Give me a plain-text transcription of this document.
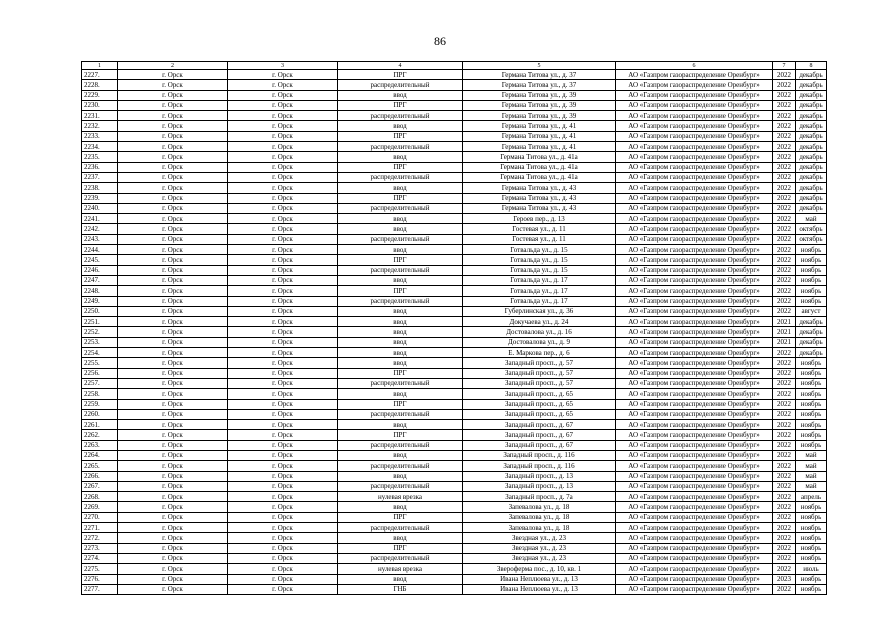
86
1	2	3	4	5	6	7	8
2227.	г. Орск	г. Орск	ПРГ	Германа Титова ул., д. 37	АО «Газпром газораспределение Оренбург»	2022	декабрь
2228.	г. Орск	г. Орск	распределительный	Германа Титова ул., д. 37	АО «Газпром газораспределение Оренбург»	2022	декабрь
2229.	г. Орск	г. Орск	ввод	Германа Титова ул., д. 39	АО «Газпром газораспределение Оренбург»	2022	декабрь
2230.	г. Орск	г. Орск	ПРГ	Германа Титова ул., д. 39	АО «Газпром газораспределение Оренбург»	2022	декабрь
2231.	г. Орск	г. Орск	распределительный	Германа Титова ул., д. 39	АО «Газпром газораспределение Оренбург»	2022	декабрь
2232.	г. Орск	г. Орск	ввод	Германа Титова ул., д. 41	АО «Газпром газораспределение Оренбург»	2022	декабрь
2233.	г. Орск	г. Орск	ПРГ	Германа Титова ул., д. 41	АО «Газпром газораспределение Оренбург»	2022	декабрь
2234.	г. Орск	г. Орск	распределительный	Германа Титова ул., д. 41	АО «Газпром газораспределение Оренбург»	2022	декабрь
2235.	г. Орск	г. Орск	ввод	Германа Титова ул., д. 41а	АО «Газпром газораспределение Оренбург»	2022	декабрь
2236.	г. Орск	г. Орск	ПРГ	Германа Титова ул., д. 41а	АО «Газпром газораспределение Оренбург»	2022	декабрь
2237.	г. Орск	г. Орск	распределительный	Германа Титова ул., д. 41а	АО «Газпром газораспределение Оренбург»	2022	декабрь
2238.	г. Орск	г. Орск	ввод	Германа Титова ул., д. 43	АО «Газпром газораспределение Оренбург»	2022	декабрь
2239.	г. Орск	г. Орск	ПРГ	Германа Титова ул., д. 43	АО «Газпром газораспределение Оренбург»	2022	декабрь
2240.	г. Орск	г. Орск	распределительный	Германа Титова ул., д. 43	АО «Газпром газораспределение Оренбург»	2022	декабрь
2241.	г. Орск	г. Орск	ввод	Героев пер., д. 13	АО «Газпром газораспределение Оренбург»	2022	май
2242.	г. Орск	г. Орск	ввод	Гостевая ул., д. 11	АО «Газпром газораспределение Оренбург»	2022	октябрь
2243.	г. Орск	г. Орск	распределительный	Гостевая ул., д. 11	АО «Газпром газораспределение Оренбург»	2022	октябрь
2244.	г. Орск	г. Орск	ввод	Готвальда ул., д. 15	АО «Газпром газораспределение Оренбург»	2022	ноябрь
2245.	г. Орск	г. Орск	ПРГ	Готвальда ул., д. 15	АО «Газпром газораспределение Оренбург»	2022	ноябрь
2246.	г. Орск	г. Орск	распределительный	Готвальда ул., д. 15	АО «Газпром газораспределение Оренбург»	2022	ноябрь
2247.	г. Орск	г. Орск	ввод	Готвальда ул., д. 17	АО «Газпром газораспределение Оренбург»	2022	ноябрь
2248.	г. Орск	г. Орск	ПРГ	Готвальда ул., д. 17	АО «Газпром газораспределение Оренбург»	2022	ноябрь
2249.	г. Орск	г. Орск	распределительный	Готвальда ул., д. 17	АО «Газпром газораспределение Оренбург»	2022	ноябрь
2250.	г. Орск	г. Орск	ввод	Губерлинская ул., д. 36	АО «Газпром газораспределение Оренбург»	2022	август
2251.	г. Орск	г. Орск	ввод	Докучаева ул., д. 24	АО «Газпром газораспределение Оренбург»	2021	декабрь
2252.	г. Орск	г. Орск	ввод	Достовалова ул., д. 16	АО «Газпром газораспределение Оренбург»	2021	декабрь
2253.	г. Орск	г. Орск	ввод	Достовалова ул., д. 9	АО «Газпром газораспределение Оренбург»	2021	декабрь
2254.	г. Орск	г. Орск	ввод	Е. Маркова пер., д. 6	АО «Газпром газораспределение Оренбург»	2022	декабрь
2255.	г. Орск	г. Орск	ввод	Западный просп., д. 57	АО «Газпром газораспределение Оренбург»	2022	ноябрь
2256.	г. Орск	г. Орск	ПРГ	Западный просп., д. 57	АО «Газпром газораспределение Оренбург»	2022	ноябрь
2257.	г. Орск	г. Орск	распределительный	Западный просп., д. 57	АО «Газпром газораспределение Оренбург»	2022	ноябрь
2258.	г. Орск	г. Орск	ввод	Западный просп., д. 65	АО «Газпром газораспределение Оренбург»	2022	ноябрь
2259.	г. Орск	г. Орск	ПРГ	Западный просп., д. 65	АО «Газпром газораспределение Оренбург»	2022	ноябрь
2260.	г. Орск	г. Орск	распределительный	Западный просп., д. 65	АО «Газпром газораспределение Оренбург»	2022	ноябрь
2261.	г. Орск	г. Орск	ввод	Западный просп., д. 67	АО «Газпром газораспределение Оренбург»	2022	ноябрь
2262.	г. Орск	г. Орск	ПРГ	Западный просп., д. 67	АО «Газпром газораспределение Оренбург»	2022	ноябрь
2263.	г. Орск	г. Орск	распределительный	Западный просп., д. 67	АО «Газпром газораспределение Оренбург»	2022	ноябрь
2264.	г. Орск	г. Орск	ввод	Западный просп., д. 116	АО «Газпром газораспределение Оренбург»	2022	май
2265.	г. Орск	г. Орск	распределительный	Западный просп., д. 116	АО «Газпром газораспределение Оренбург»	2022	май
2266.	г. Орск	г. Орск	ввод	Западный просп., д. 13	АО «Газпром газораспределение Оренбург»	2022	май
2267.	г. Орск	г. Орск	распределительный	Западный просп., д. 13	АО «Газпром газораспределение Оренбург»	2022	май
2268.	г. Орск	г. Орск	нулевая врезка	Западный просп., д. 7а	АО «Газпром газораспределение Оренбург»	2022	апрель
2269.	г. Орск	г. Орск	ввод	Запевалова ул., д. 18	АО «Газпром газораспределение Оренбург»	2022	ноябрь
2270.	г. Орск	г. Орск	ПРГ	Запевалова ул., д. 18	АО «Газпром газораспределение Оренбург»	2022	ноябрь
2271.	г. Орск	г. Орск	распределительный	Запевалова ул., д. 18	АО «Газпром газораспределение Оренбург»	2022	ноябрь
2272.	г. Орск	г. Орск	ввод	Звездная ул., д. 23	АО «Газпром газораспределение Оренбург»	2022	ноябрь
2273.	г. Орск	г. Орск	ПРГ	Звездная ул., д. 23	АО «Газпром газораспределение Оренбург»	2022	ноябрь
2274.	г. Орск	г. Орск	распределительный	Звездная ул., д. 23	АО «Газпром газораспределение Оренбург»	2022	ноябрь
2275.	г. Орск	г. Орск	нулевая врезка	Зверoферма пос., д. 10, кв. 1	АО «Газпром газораспределение Оренбург»	2022	июль
2276.	г. Орск	г. Орск	ввод	Ивана Неплюева ул., д. 13	АО «Газпром газораспределение Оренбург»	2023	ноябрь
2277.	г. Орск	г. Орск	ГНБ	Ивана Неплюева ул., д. 13	АО «Газпром газораспределение Оренбург»	2022	ноябрь
